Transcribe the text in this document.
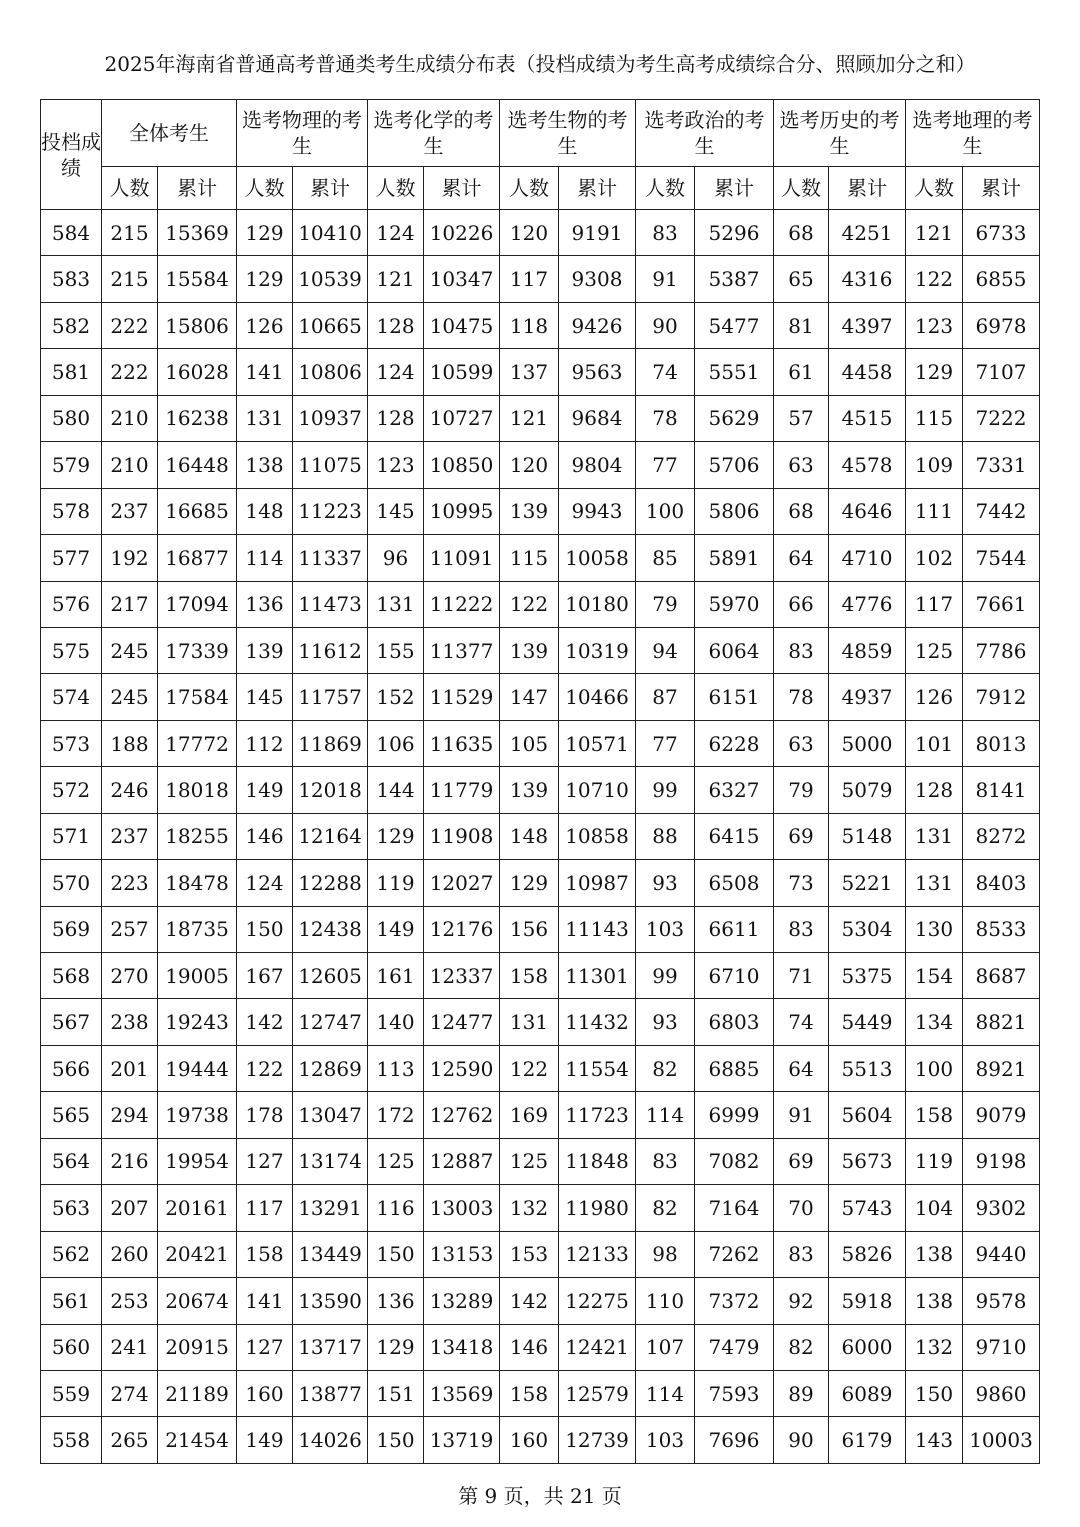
2025年海南省普通高考普通类考生成绩分布表（投档成绩为考生高考成绩综合分、照顾加分之和）
投档成绩	全体考生		选考物理的考生		选考化学的考生		选考生物的考生		选考政治的考生		选考历史的考生		选考地理的考生	
	人数	累计	人数	累计	人数	累计	人数	累计	人数	累计	人数	累计	人数	累计
584	215	15369	129	10410	124	10226	120	9191	83	5296	68	4251	121	6733
583	215	15584	129	10539	121	10347	117	9308	91	5387	65	4316	122	6855
582	222	15806	126	10665	128	10475	118	9426	90	5477	81	4397	123	6978
581	222	16028	141	10806	124	10599	137	9563	74	5551	61	4458	129	7107
580	210	16238	131	10937	128	10727	121	9684	78	5629	57	4515	115	7222
579	210	16448	138	11075	123	10850	120	9804	77	5706	63	4578	109	7331
578	237	16685	148	11223	145	10995	139	9943	100	5806	68	4646	111	7442
577	192	16877	114	11337	96	11091	115	10058	85	5891	64	4710	102	7544
576	217	17094	136	11473	131	11222	122	10180	79	5970	66	4776	117	7661
575	245	17339	139	11612	155	11377	139	10319	94	6064	83	4859	125	7786
574	245	17584	145	11757	152	11529	147	10466	87	6151	78	4937	126	7912
573	188	17772	112	11869	106	11635	105	10571	77	6228	63	5000	101	8013
572	246	18018	149	12018	144	11779	139	10710	99	6327	79	5079	128	8141
571	237	18255	146	12164	129	11908	148	10858	88	6415	69	5148	131	8272
570	223	18478	124	12288	119	12027	129	10987	93	6508	73	5221	131	8403
569	257	18735	150	12438	149	12176	156	11143	103	6611	83	5304	130	8533
568	270	19005	167	12605	161	12337	158	11301	99	6710	71	5375	154	8687
567	238	19243	142	12747	140	12477	131	11432	93	6803	74	5449	134	8821
566	201	19444	122	12869	113	12590	122	11554	82	6885	64	5513	100	8921
565	294	19738	178	13047	172	12762	169	11723	114	6999	91	5604	158	9079
564	216	19954	127	13174	125	12887	125	11848	83	7082	69	5673	119	9198
563	207	20161	117	13291	116	13003	132	11980	82	7164	70	5743	104	9302
562	260	20421	158	13449	150	13153	153	12133	98	7262	83	5826	138	9440
561	253	20674	141	13590	136	13289	142	12275	110	7372	92	5918	138	9578
560	241	20915	127	13717	129	13418	146	12421	107	7479	82	6000	132	9710
559	274	21189	160	13877	151	13569	158	12579	114	7593	89	6089	150	9860
558	265	21454	149	14026	150	13719	160	12739	103	7696	90	6179	143	10003
第 9 页，共 21 页
